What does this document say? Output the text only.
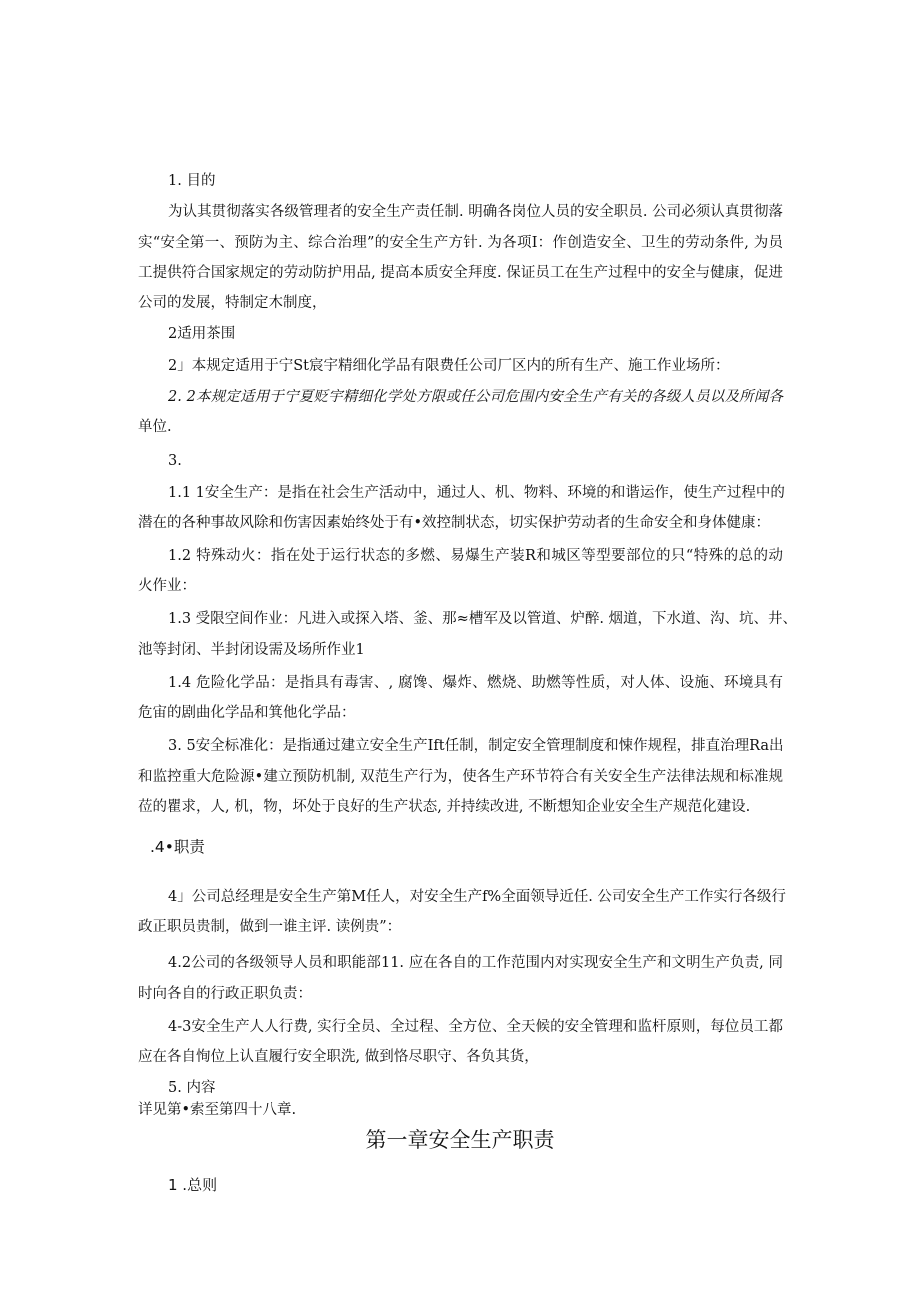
1. 目的
为认其贯彻落实各级管理者的安全生产责任制. 明确各岗位人员的安全职员. 公司必须认真贯彻落
实“安全第一、预防为主、综合治理”的安全生产方针. 为各项I：作创造安全、卫生的劳动条件, 为员
工提供符合国家规定的劳动防护用品, 提高本质安全拜度. 保证员工在生产过程中的安全与健康，促进
公司的发展，特制定木制度，
2适用茶围
2」本规定适用于宁St宸宇精细化学品有限费任公司厂区内的所有生产、施工作业场所：
2. 2本规定适用于宁夏贬宇精细化学处方限或任公司危围内安全生产有关的各级人员以及所闻各
单位.
3.
1.1 1安全生产：是指在社会生产活动中，通过人、机、物料、环境的和谐运作，使生产过程中的
潜在的各种事故风除和伤害因素始终处于有•效控制状态，切实保护劳动者的生命安全和身体健康：
1.2 特殊动火：指在处于运行状态的多燃、易爆生产装R和城区等型要部位的只“特殊的总的动
火作业：
1.3 受限空间作业：凡进入或探入塔、釜、那≈槽军及以管道、炉醉. 烟道，下水道、沟、坑、井、
池等封闭、半封闭设需及场所作业1
1.4 危险化学品：是指具有毒害、, 腐馋、爆炸、燃烧、助燃等性质，对人体、设施、环境具有
危宙的剧曲化学品和箕他化学品：
3. 5安全标准化：是指通过建立安全生产Ift任制，制定安全管理制度和悚作规程，排直治理Ra出
和监控重大危险源•建立预防机制, 双范生产行为，使各生产环节符合有关安全生产法律法规和标准规
莅的瞿求，人, 机，物，坏处于良好的生产状态, 并持续改进, 不断想知企业安全生产规范化建设.
.4•职责
4」公司总经理是安全生产第M任人，对安全生产f%全面领导近任. 公司安全生产工作实行各级行
政正职员贵制，做到一谁主评. 读例贵”：
4.2公司的各级领导人员和职能部11. 应在各自的工作范围内对实现安全生产和文明生产负责, 同
时向各自的行政正职负责：
4-3安全生产人人行费, 实行全员、全过程、全方位、全天候的安全管理和监杆原则，每位员工都
应在各自恂位上认直履行安全职洗, 做到恪尽职守、各负其货，
5. 内容
详见第•索至第四十八章.
第一章安全生产职责
1 .总则
